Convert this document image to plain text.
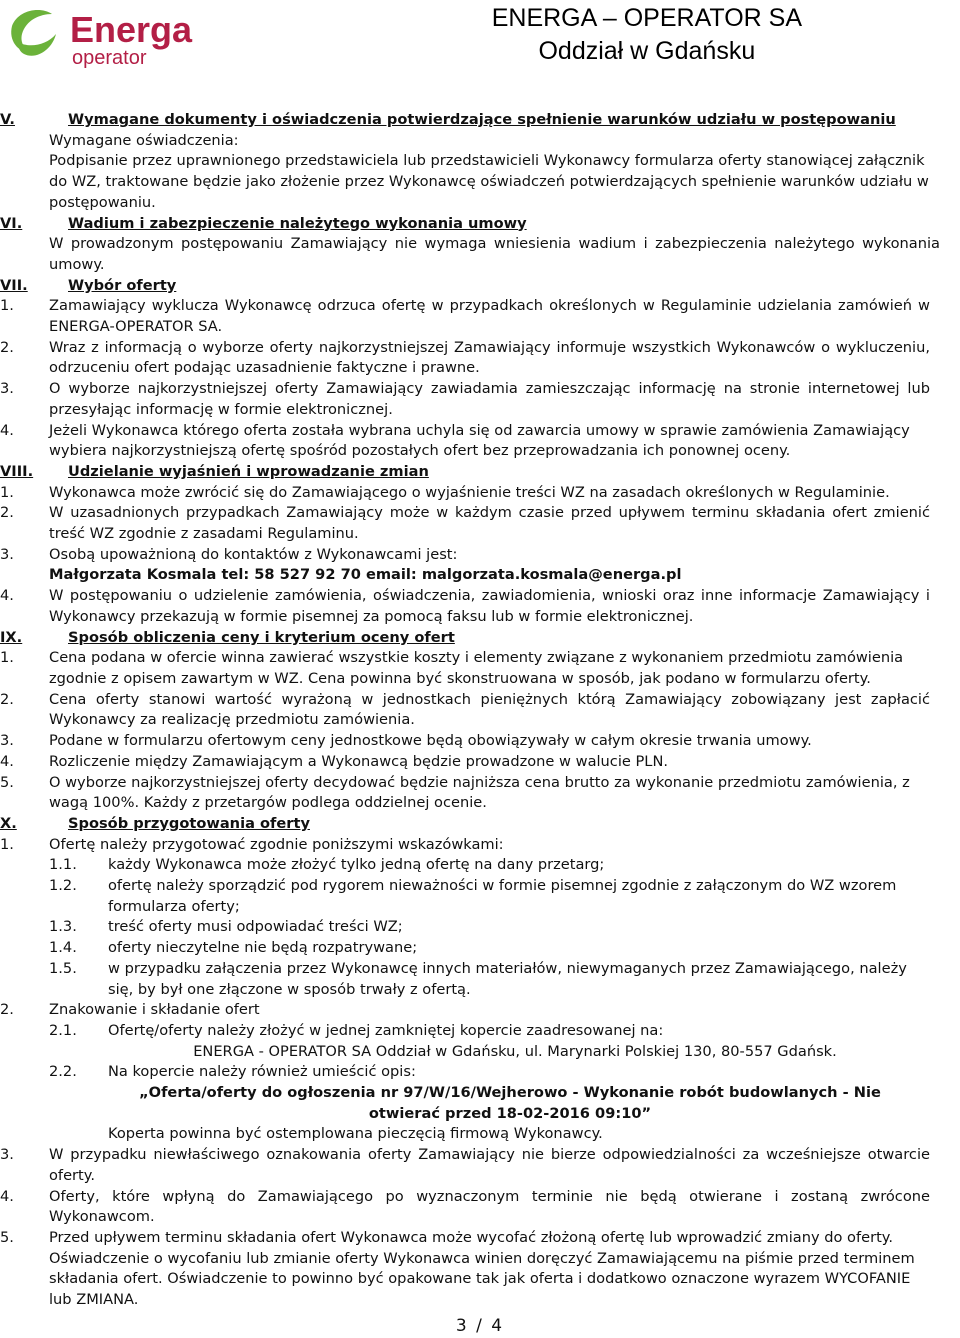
Energa
operator
ENERGA – OPERATOR SA
Oddział w Gdańsku
V.	Wymagane dokumenty i oświadczenia potwierdzające spełnienie warunków udziału w postępowaniu
Wymagane oświadczenia:
Podpisanie przez uprawnionego przedstawiciela lub przedstawicieli Wykonawcy formularza oferty stanowiącej załącznik do WZ, traktowane będzie jako złożenie przez Wykonawcę oświadczeń potwierdzających spełnienie warunków udziału w postępowaniu.
VI.	Wadium i zabezpieczenie należytego wykonania umowy
W prowadzonym postępowaniu Zamawiający nie wymaga wniesienia wadium i zabezpieczenia należytego wykonania umowy.
VII.	Wybór oferty
1.	Zamawiający wyklucza Wykonawcę odrzuca ofertę w przypadkach określonych w Regulaminie udzielania zamówień w ENERGA-OPERATOR SA.
2.	Wraz z informacją o wyborze oferty najkorzystniejszej Zamawiający informuje wszystkich Wykonawców o wykluczeniu, odrzuceniu ofert podając uzasadnienie faktyczne i prawne.
3.	O wyborze najkorzystniejszej oferty Zamawiający zawiadamia zamieszczając informację na stronie internetowej lub przesyłając informację w formie elektronicznej.
4.	Jeżeli Wykonawca którego oferta została wybrana uchyla się od zawarcia umowy w sprawie zamówienia Zamawiający wybiera najkorzystniejszą ofertę spośród pozostałych ofert bez przeprowadzania ich ponownej oceny.
VIII.	Udzielanie wyjaśnień i wprowadzanie zmian
1.	Wykonawca może zwrócić się do Zamawiającego o wyjaśnienie treści WZ na zasadach określonych w Regulaminie.
2.	W uzasadnionych przypadkach Zamawiający może w każdym czasie przed upływem terminu składania ofert zmienić treść WZ zgodnie z zasadami Regulaminu.
3.	Osobą upoważnioną do kontaktów z Wykonawcami jest:
Małgorzata Kosmala tel: 58 527 92 70 email: malgorzata.kosmala@energa.pl
4.	W postępowaniu o udzielenie zamówienia, oświadczenia, zawiadomienia, wnioski oraz inne informacje Zamawiający i Wykonawcy przekazują w formie pisemnej za pomocą faksu lub w formie elektronicznej.
IX.	Sposób obliczenia ceny i kryterium oceny ofert
1.	Cena podana w ofercie winna zawierać wszystkie koszty i elementy związane z wykonaniem przedmiotu zamówienia zgodnie z opisem zawartym w WZ. Cena powinna być skonstruowana w sposób, jak podano w formularzu oferty.
2.	Cena oferty stanowi wartość wyrażoną w jednostkach pieniężnych którą Zamawiający zobowiązany jest zapłacić Wykonawcy za realizację przedmiotu zamówienia.
3.	Podane w formularzu ofertowym ceny jednostkowe będą obowiązywały w całym okresie trwania umowy.
4.	Rozliczenie między Zamawiającym a Wykonawcą będzie prowadzone w walucie PLN.
5.	O wyborze najkorzystniejszej oferty decydować będzie najniższa cena brutto za wykonanie przedmiotu zamówienia, z wagą 100%. Każdy z przetargów podlega oddzielnej ocenie.
X.	Sposób przygotowania oferty
1.	Ofertę należy przygotować zgodnie poniższymi wskazówkami:
1.1.	każdy Wykonawca może złożyć tylko jedną ofertę na dany przetarg;
1.2.	ofertę należy sporządzić pod rygorem nieważności w formie pisemnej zgodnie z załączonym do WZ wzorem formularza oferty;
1.3.	treść oferty musi odpowiadać treści WZ;
1.4.	oferty nieczytelne nie będą rozpatrywane;
1.5.	w przypadku załączenia przez Wykonawcę innych materiałów, niewymaganych przez Zamawiającego, należy się, by był one złączone w sposób trwały z ofertą.
2.	Znakowanie i składanie ofert
2.1.	Ofertę/oferty należy złożyć w jednej zamkniętej kopercie zaadresowanej na:
ENERGA - OPERATOR SA Oddział w Gdańsku, ul. Marynarki Polskiej 130, 80-557 Gdańsk.
2.2.	Na kopercie należy również umieścić opis:
„Oferta/oferty do ogłoszenia nr 97/W/16/Wejherowo - Wykonanie robót budowlanych - Nie
otwierać przed 18-02-2016 09:10”
Koperta powinna być ostemplowana pieczęcią firmową Wykonawcy.
3.	W przypadku niewłaściwego oznakowania oferty Zamawiający nie bierze odpowiedzialności za wcześniejsze otwarcie oferty.
4.	Oferty, które wpłyną do Zamawiającego po wyznaczonym terminie nie będą otwierane i zostaną zwrócone Wykonawcom.
5.	Przed upływem terminu składania ofert Wykonawca może wycofać złożoną ofertę lub wprowadzić zmiany do oferty. Oświadczenie o wycofaniu lub zmianie oferty Wykonawca winien doręczyć Zamawiającemu na piśmie przed terminem składania ofert. Oświadczenie to powinno być opakowane tak jak oferta i dodatkowo oznaczone wyrazem WYCOFANIE lub ZMIANA.
3 / 4
